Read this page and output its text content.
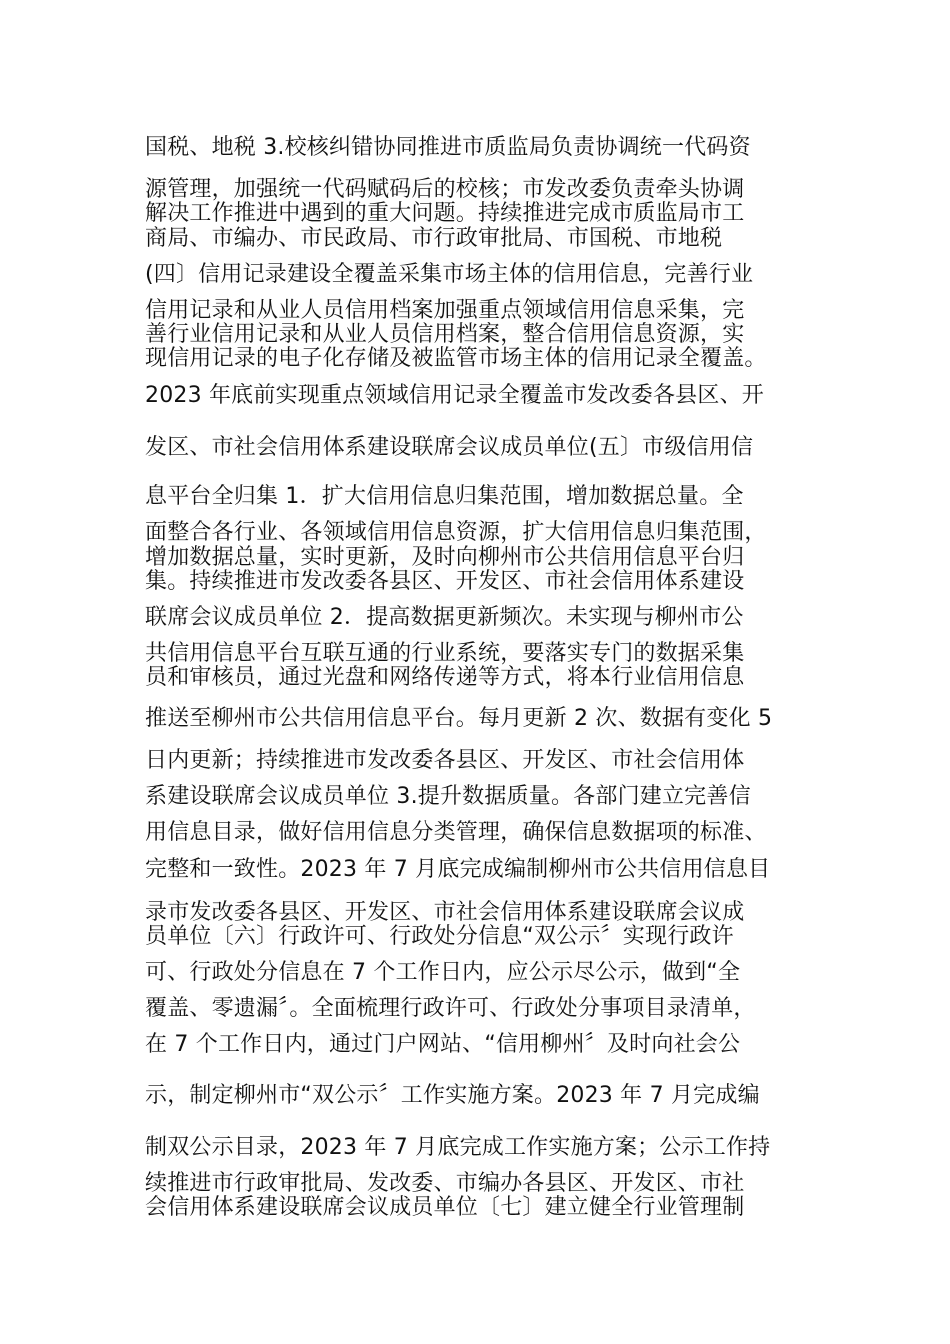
国税、地税 3.校核纠错协同推进市质监局负责协调统一代码资
源管理，加强统一代码赋码后的校核；市发改委负责牵头协调
解决工作推进中遇到的重大问题。持续推进完成市质监局市工
商局、市编办、市民政局、市行政审批局、市国税、市地税
(四〕信用记录建设全覆盖采集市场主体的信用信息，完善行业
信用记录和从业人员信用档案加强重点领域信用信息采集，完
善行业信用记录和从业人员信用档案，整合信用信息资源，实
现信用记录的电子化存储及被监管市场主体的信用记录全覆盖。
2023 年底前实现重点领域信用记录全覆盖市发改委各县区、开
发区、市社会信用体系建设联席会议成员单位(五〕市级信用信
息平台全归集 1．扩大信用信息归集范围，增加数据总量。全
面整合各行业、各领域信用信息资源，扩大信用信息归集范围，
增加数据总量，实时更新，及时向柳州市公共信用信息平台归
集。持续推进市发改委各县区、开发区、市社会信用体系建设
联席会议成员单位 2．提高数据更新频次。未实现与柳州市公
共信用信息平台互联互通的行业系统，要落实专门的数据采集
员和审核员，通过光盘和网络传递等方式，将本行业信用信息
推送至柳州市公共信用信息平台。每月更新 2 次、数据有变化 5
日内更新；持续推进市发改委各县区、开发区、市社会信用体
系建设联席会议成员单位 3.提升数据质量。各部门建立完善信
用信息目录，做好信用信息分类管理，确保信息数据项的标准、
完整和一致性。2023 年 7 月底完成编制柳州市公共信用信息目
录市发改委各县区、开发区、市社会信用体系建设联席会议成
员单位〔六〕行政许可、行政处分信息“双公示〞实现行政许
可、行政处分信息在 7 个工作日内，应公示尽公示，做到“全
覆盖、零遗漏〞。全面梳理行政许可、行政处分事项目录清单，
在 7 个工作日内，通过门户网站、“信用柳州〞及时向社会公
示，制定柳州市“双公示〞工作实施方案。2023 年 7 月完成编
制双公示目录，2023 年 7 月底完成工作实施方案；公示工作持
续推进市行政审批局、发改委、市编办各县区、开发区、市社
会信用体系建设联席会议成员单位〔七〕建立健全行业管理制
